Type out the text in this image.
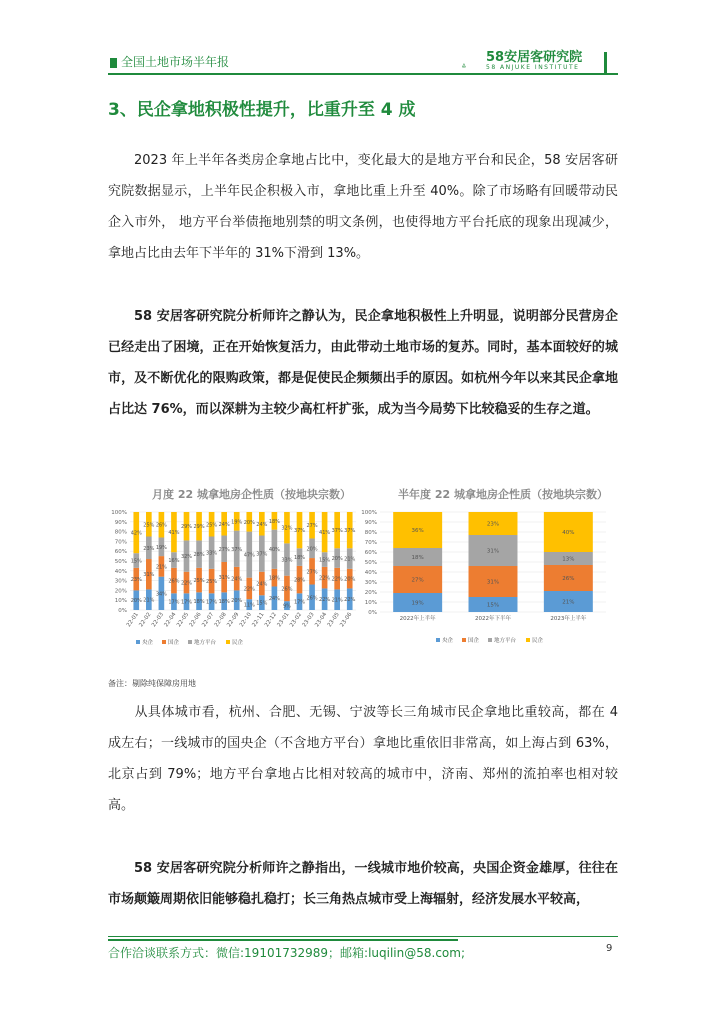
全国土地市场半年报	58安居客研究院
58 ANJUKE INSTITUTE
3、民企拿地积极性提升，比重升至 4 成
2023 年上半年各类房企拿地占比中，变化最大的是地方平台和民企，58 安居客研究院数据显示，上半年民企积极入市，拿地比重上升至 40%。除了市场略有回暖带动民企入市外， 地方平台举债拖地别禁的明文条例，也使得地方平台托底的现象出现减少，拿地占比由去年下半年的 31%下滑到 13%。
58 安居客研究院分析师许之静认为，民企拿地积极性上升明显，说明部分民营房企已经走出了困境，正在开始恢复活力，由此带动土地市场的复苏。同时，基本面较好的城市，及不断优化的限购政策，都是促使民企频频出手的原因。如杭州今年以来其民企拿地占比达 76%，而以深耕为主较少高杠杆扩张，成为当今局势下比较稳妥的生存之道。
月度 22 城拿地房企性质（按地块宗数）	半年度 22 城拿地房企性质（按地块宗数）
0%
10%
20%
30%
40%
50%
60%
70%
80%
90%
100%
20%
23%
15%
42%
22-01
21%
31%
23%
25%
22-02
34%
21%
19%
26%
22-03
17%
26%
16%
41%
22-04
17%
22%
32%
29%
22-05
18%
25%
28%
29%
22-06
17%
25%
33%
25%
22-07
18%
31%
27%
24%
22-08
20%
24%
37%
19%
22-09
11%
22%
47%
20%
22-10
15%
24%
37%
24%
22-11
24%
18%
40%
18%
22-12
9%
26%
33%
32%
23-01
17%
28%
18%
37%
23-02
26%
27%
20%
27%
23-03
22%
22%
15%
41%
23-04
21%
22%
20%
37%
23-05
22%
20%
21%
37%
23-06
央企	国企	地方平台	民企
0%
10%
20%
30%
40%
50%
60%
70%
80%
90%
100%
19%
27%
18%
36%
2022年上半年
15%
31%
31%
23%
2022年下半年
21%
26%
13%
40%
2023年上半年
央企	国企	地方平台	民企
备注：剔除纯保障房用地
从具体城市看，杭州、合肥、无锡、宁波等长三角城市民企拿地比重较高，都在 4 成左右；一线城市的国央企（不含地方平台）拿地比重依旧非常高，如上海占到 63%，北京占到 79%；地方平台拿地占比相对较高的城市中，济南、郑州的流拍率也相对较高。
58 安居客研究院分析师许之静指出，一线城市地价较高，央国企资金雄厚，往往在市场颠簸周期依旧能够稳扎稳打；长三角热点城市受上海辐射，经济发展水平较高，
合作洽谈联系方式：微信:19101732989；邮箱:luqilin@58.com;	9
